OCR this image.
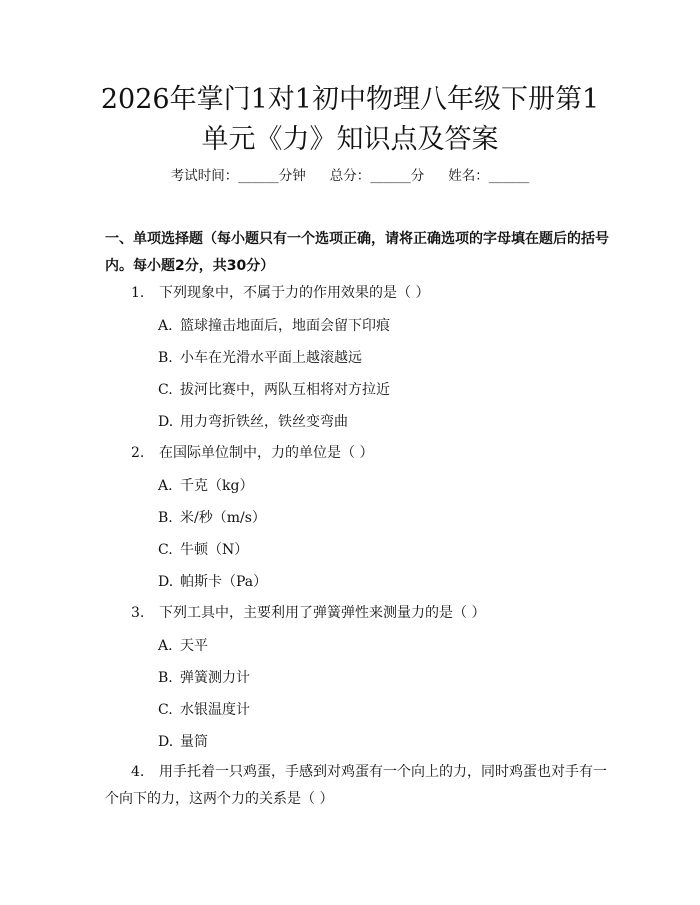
2026年掌门1对1初中物理八年级下册第1
单元《力》知识点及答案
考试时间：______分钟 总分：______分 姓名：______

一、单项选择题（每小题只有一个选项正确，请将正确选项的字母填在题后的括号内。每小题2分，共30分）

1. 下列现象中，不属于力的作用效果的是（ ）
A. 篮球撞击地面后，地面会留下印痕
B. 小车在光滑水平面上越滚越远
C. 拔河比赛中，两队互相将对方拉近
D. 用力弯折铁丝，铁丝变弯曲
2. 在国际单位制中，力的单位是（ ）
A. 千克（kg）
B. 米/秒（m/s）
C. 牛顿（N）
D. 帕斯卡（Pa）
3. 下列工具中，主要利用了弹簧弹性来测量力的是（ ）
A. 天平
B. 弹簧测力计
C. 水银温度计
D. 量筒
4. 用手托着一只鸡蛋，手感到对鸡蛋有一个向上的力，同时鸡蛋也对手有一个向下的力，这两个力的关系是（ ）
